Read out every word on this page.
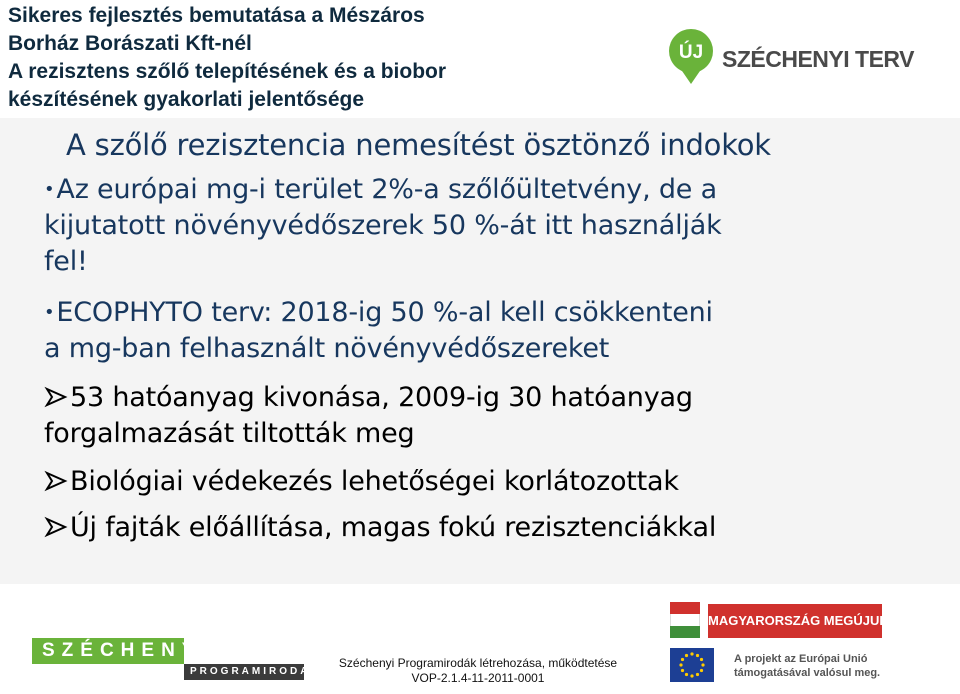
Sikeres fejlesztés bemutatása a Mészáros
Borház Borászati Kft-nél
A rezisztens szőlő telepítésének és a biobor
készítésének gyakorlati jelentősége
ÚJ SZÉCHENYI TERV
A szőlő rezisztencia nemesítést ösztönző indokok
•Az európai mg-i terület 2%-a szőlőültetvény, de a
kijutatott növényvédőszerek 50 %-át itt használják
fel!
•ECOPHYTO terv: 2018-ig 50 %-al kell csökkenteni
a mg-ban felhasznált növényvédőszereket
53 hatóanyag kivonása, 2009-ig 30 hatóanyag
forgalmazását tiltották meg
Biológiai védekezés lehetőségei korlátozottak
Új fajták előállítása, magas fokú rezisztenciákkal
SZÉCHENYI
PROGRAMIRODA
Széchenyi Programirodák létrehozása, működtetése
VOP-2.1.4-11-2011-0001
MAGYARORSZÁG MEGÚJUL
A projekt az Európai Unió
támogatásával valósul meg.
